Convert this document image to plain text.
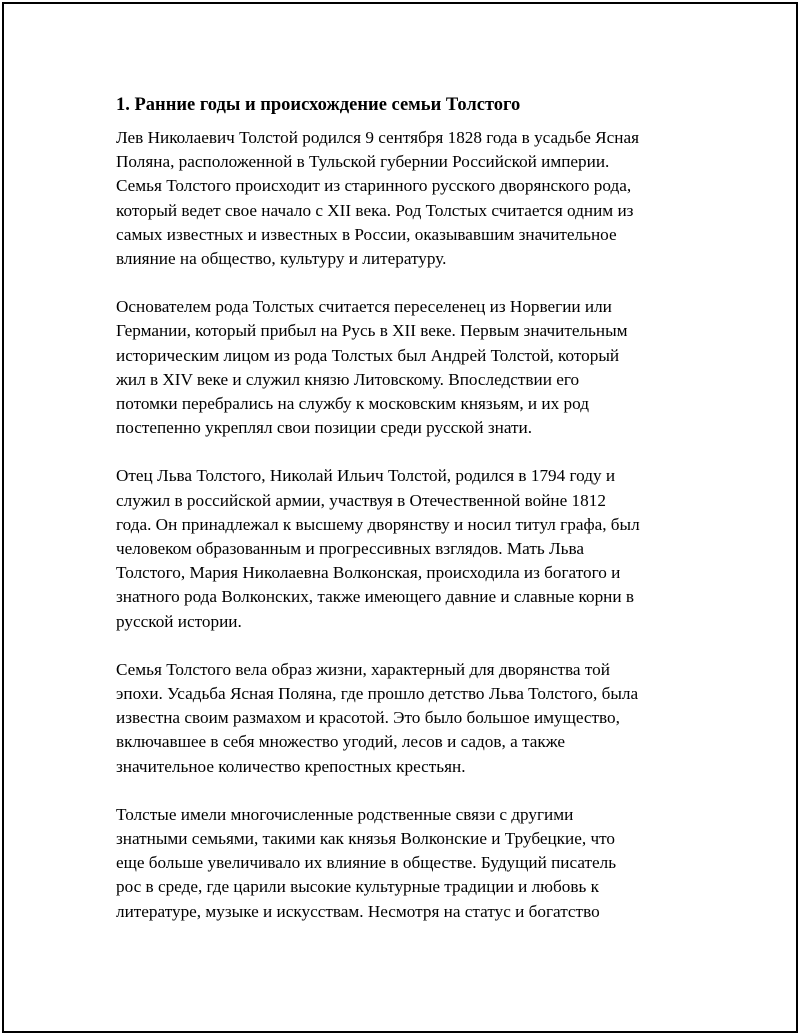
1. Ранние годы и происхождение семьи Толстого
Лев Николаевич Толстой родился 9 сентября 1828 года в усадьбе Ясная
Поляна, расположенной в Тульской губернии Российской империи.
Семья Толстого происходит из старинного русского дворянского рода,
который ведет свое начало с XII века. Род Толстых считается одним из
самых известных и известных в России, оказывавшим значительное
влияние на общество, культуру и литературу.
Основателем рода Толстых считается переселенец из Норвегии или
Германии, который прибыл на Русь в XII веке. Первым значительным
историческим лицом из рода Толстых был Андрей Толстой, который
жил в XIV веке и служил князю Литовскому. Впоследствии его
потомки перебрались на службу к московским князьям, и их род
постепенно укреплял свои позиции среди русской знати.
Отец Льва Толстого, Николай Ильич Толстой, родился в 1794 году и
служил в российской армии, участвуя в Отечественной войне 1812
года. Он принадлежал к высшему дворянству и носил титул графа, был
человеком образованным и прогрессивных взглядов. Мать Льва
Толстого, Мария Николаевна Волконская, происходила из богатого и
знатного рода Волконских, также имеющего давние и славные корни в
русской истории.
Семья Толстого вела образ жизни, характерный для дворянства той
эпохи. Усадьба Ясная Поляна, где прошло детство Льва Толстого, была
известна своим размахом и красотой. Это было большое имущество,
включавшее в себя множество угодий, лесов и садов, а также
значительное количество крепостных крестьян.
Толстые имели многочисленные родственные связи с другими
знатными семьями, такими как князья Волконские и Трубецкие, что
еще больше увеличивало их влияние в обществе. Будущий писатель
рос в среде, где царили высокие культурные традиции и любовь к
литературе, музыке и искусствам. Несмотря на статус и богатство
